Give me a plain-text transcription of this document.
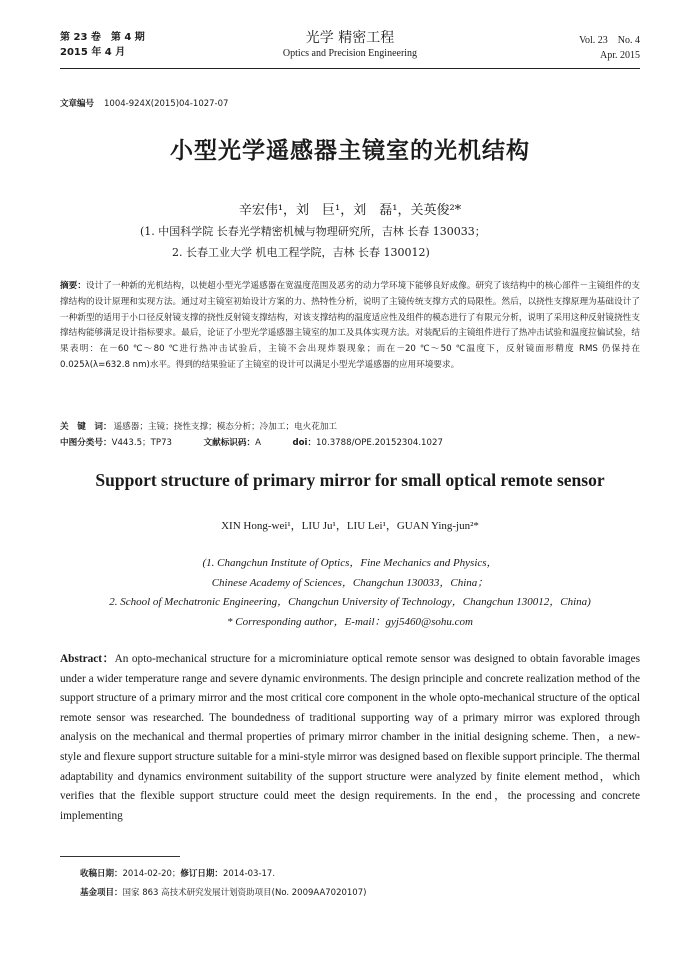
第 23 卷　第 4 期
2015 年 4 月
光学 精密工程
Optics and Precision Engineering
Vol. 23　No. 4
Apr. 2015
文章编号 1004-924X(2015)04-1027-07
小型光学遥感器主镜室的光机结构
辛宏伟¹，刘　巨¹，刘　磊¹，关英俊²*
(1. 中国科学院 长春光学精密机械与物理研究所，吉林 长春 130033；
2. 长春工业大学 机电工程学院，吉林 长春 130012)
摘要：设计了一种新的光机结构，以使超小型光学遥感器在宽温度范围及恶劣的动力学环境下能够良好成像。研究了该结构中的核心部件－主镜组件的支撑结构的设计原理和实现方法。通过对主镜室初始设计方案的力、热特性分析，说明了主镜传统支撑方式的局限性。然后，以挠性支撑原理为基础设计了一种新型的适用于小口径反射镜支撑的挠性反射镜支撑结构，对该支撑结构的温度适应性及组件的模态进行了有限元分析，说明了采用这种反射镜挠性支撑结构能够满足设计指标要求。最后，论证了小型光学遥感器主镜室的加工及具体实现方法。对装配后的主镜组件进行了热冲击试验和温度拉偏试验，结果表明：在－60 ℃～80 ℃进行热冲击试验后，主镜不会出现炸裂现象；而在－20 ℃～50 ℃温度下，反射镜面形精度 RMS 仍保持在 0.025λ(λ=632.8 nm)水平。得到的结果验证了主镜室的设计可以满足小型光学遥感器的应用环境要求。
关　键　词： 遥感器；主镜；挠性支撑；模态分析；冷加工；电火花加工
中图分类号：V443.5；TP73	文献标识码：A	doi：10.3788/OPE.20152304.1027
Support structure of primary mirror for small optical remote sensor
XIN Hong-wei¹，LIU Ju¹，LIU Lei¹，GUAN Ying-jun²*
(1. Changchun Institute of Optics，Fine Mechanics and Physics，
Chinese Academy of Sciences，Changchun 130033，China；
2. School of Mechatronic Engineering，Changchun University of Technology，Changchun 130012，China)
* Corresponding author，E-mail：gyj5460@sohu.com
Abstract：An opto-mechanical structure for a microminiature optical remote sensor was designed to obtain favorable images under a wider temperature range and severe dynamic environments. The design principle and concrete realization method of the support structure of a primary mirror and the most critical core component in the whole opto-mechanical structure of the optical remote sensor was researched. The boundedness of traditional supporting way of a primary mirror was explored through analysis on the mechanical and thermal properties of primary mirror chamber in the initial designing scheme. Then，a new-style and flexure support structure suitable for a mini-style mirror was designed based on flexible support principle. The thermal adaptability and dynamics environment suitability of the support structure were analyzed by finite element method，which verifies that the flexible support structure could meet the design requirements. In the end，the processing and concrete implementing
收稿日期：2014-02-20；修订日期：2014-03-17.
基金项目：国家 863 高技术研究发展计划资助项目(No. 2009AA7020107)
